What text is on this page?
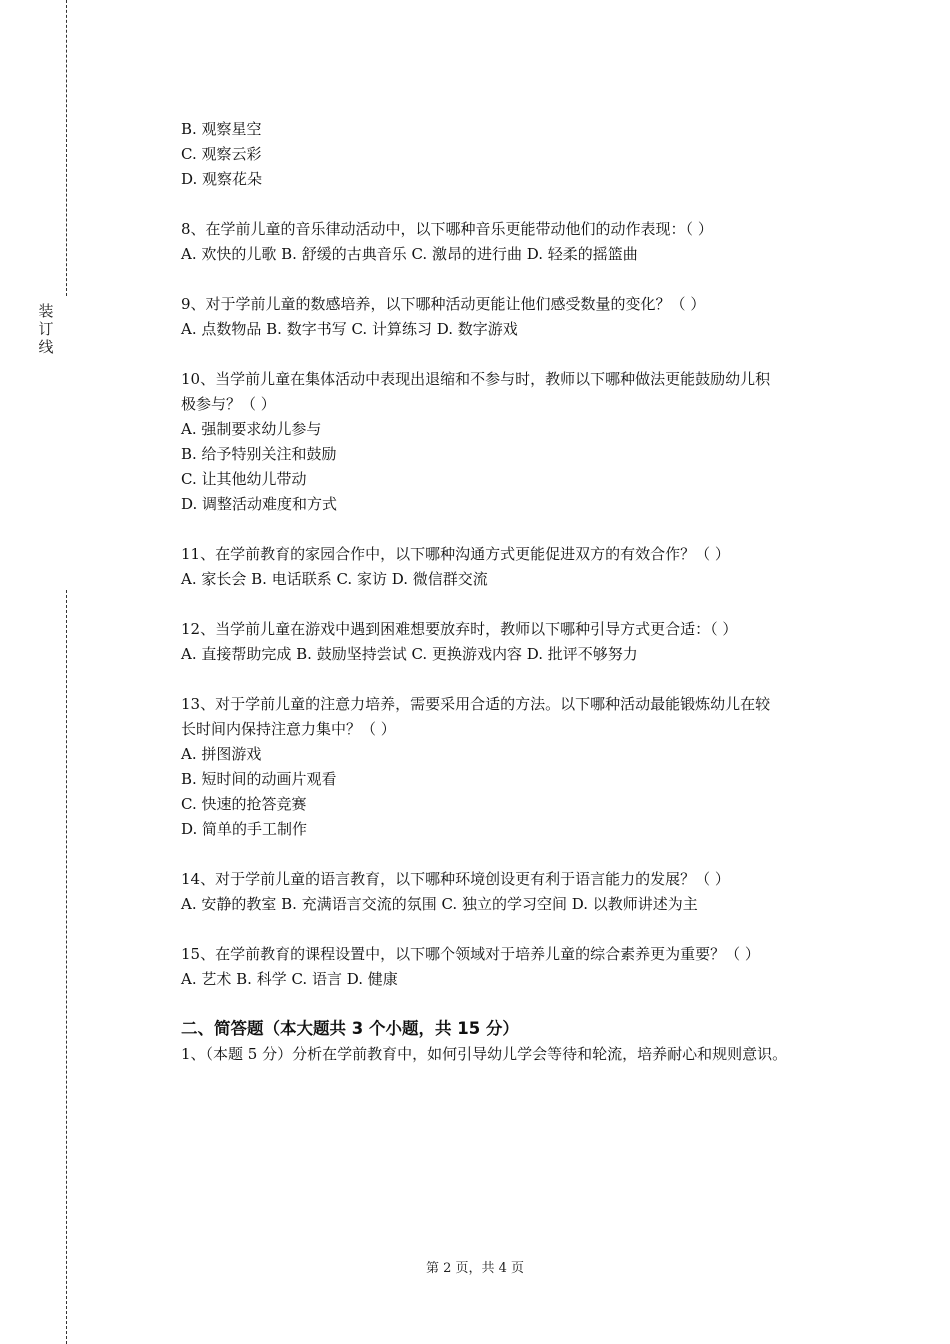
装
订
线
B. 观察星空
C. 观察云彩
D. 观察花朵
8、在学前儿童的音乐律动活动中，以下哪种音乐更能带动他们的动作表现：（ ）
A. 欢快的儿歌 B. 舒缓的古典音乐 C. 激昂的进行曲 D. 轻柔的摇篮曲
9、对于学前儿童的数感培养，以下哪种活动更能让他们感受数量的变化？（ ）
A. 点数物品 B. 数字书写 C. 计算练习 D. 数字游戏
10、当学前儿童在集体活动中表现出退缩和不参与时，教师以下哪种做法更能鼓励幼儿积
极参与？（ ）
A. 强制要求幼儿参与
B. 给予特别关注和鼓励
C. 让其他幼儿带动
D. 调整活动难度和方式
11、在学前教育的家园合作中，以下哪种沟通方式更能促进双方的有效合作？（ ）
A. 家长会 B. 电话联系 C. 家访 D. 微信群交流
12、当学前儿童在游戏中遇到困难想要放弃时，教师以下哪种引导方式更合适：（ ）
A. 直接帮助完成 B. 鼓励坚持尝试 C. 更换游戏内容 D. 批评不够努力
13、对于学前儿童的注意力培养，需要采用合适的方法。以下哪种活动最能锻炼幼儿在较
长时间内保持注意力集中？（ ）
A. 拼图游戏
B. 短时间的动画片观看
C. 快速的抢答竞赛
D. 简单的手工制作
14、对于学前儿童的语言教育，以下哪种环境创设更有利于语言能力的发展？（ ）
A. 安静的教室 B. 充满语言交流的氛围 C. 独立的学习空间 D. 以教师讲述为主
15、在学前教育的课程设置中，以下哪个领域对于培养儿童的综合素养更为重要？（ ）
A. 艺术 B. 科学 C. 语言 D. 健康
二、简答题（本大题共 3 个小题，共 15 分）
1、（本题 5 分）分析在学前教育中，如何引导幼儿学会等待和轮流，培养耐心和规则意识。
第 2 页，共 4 页
